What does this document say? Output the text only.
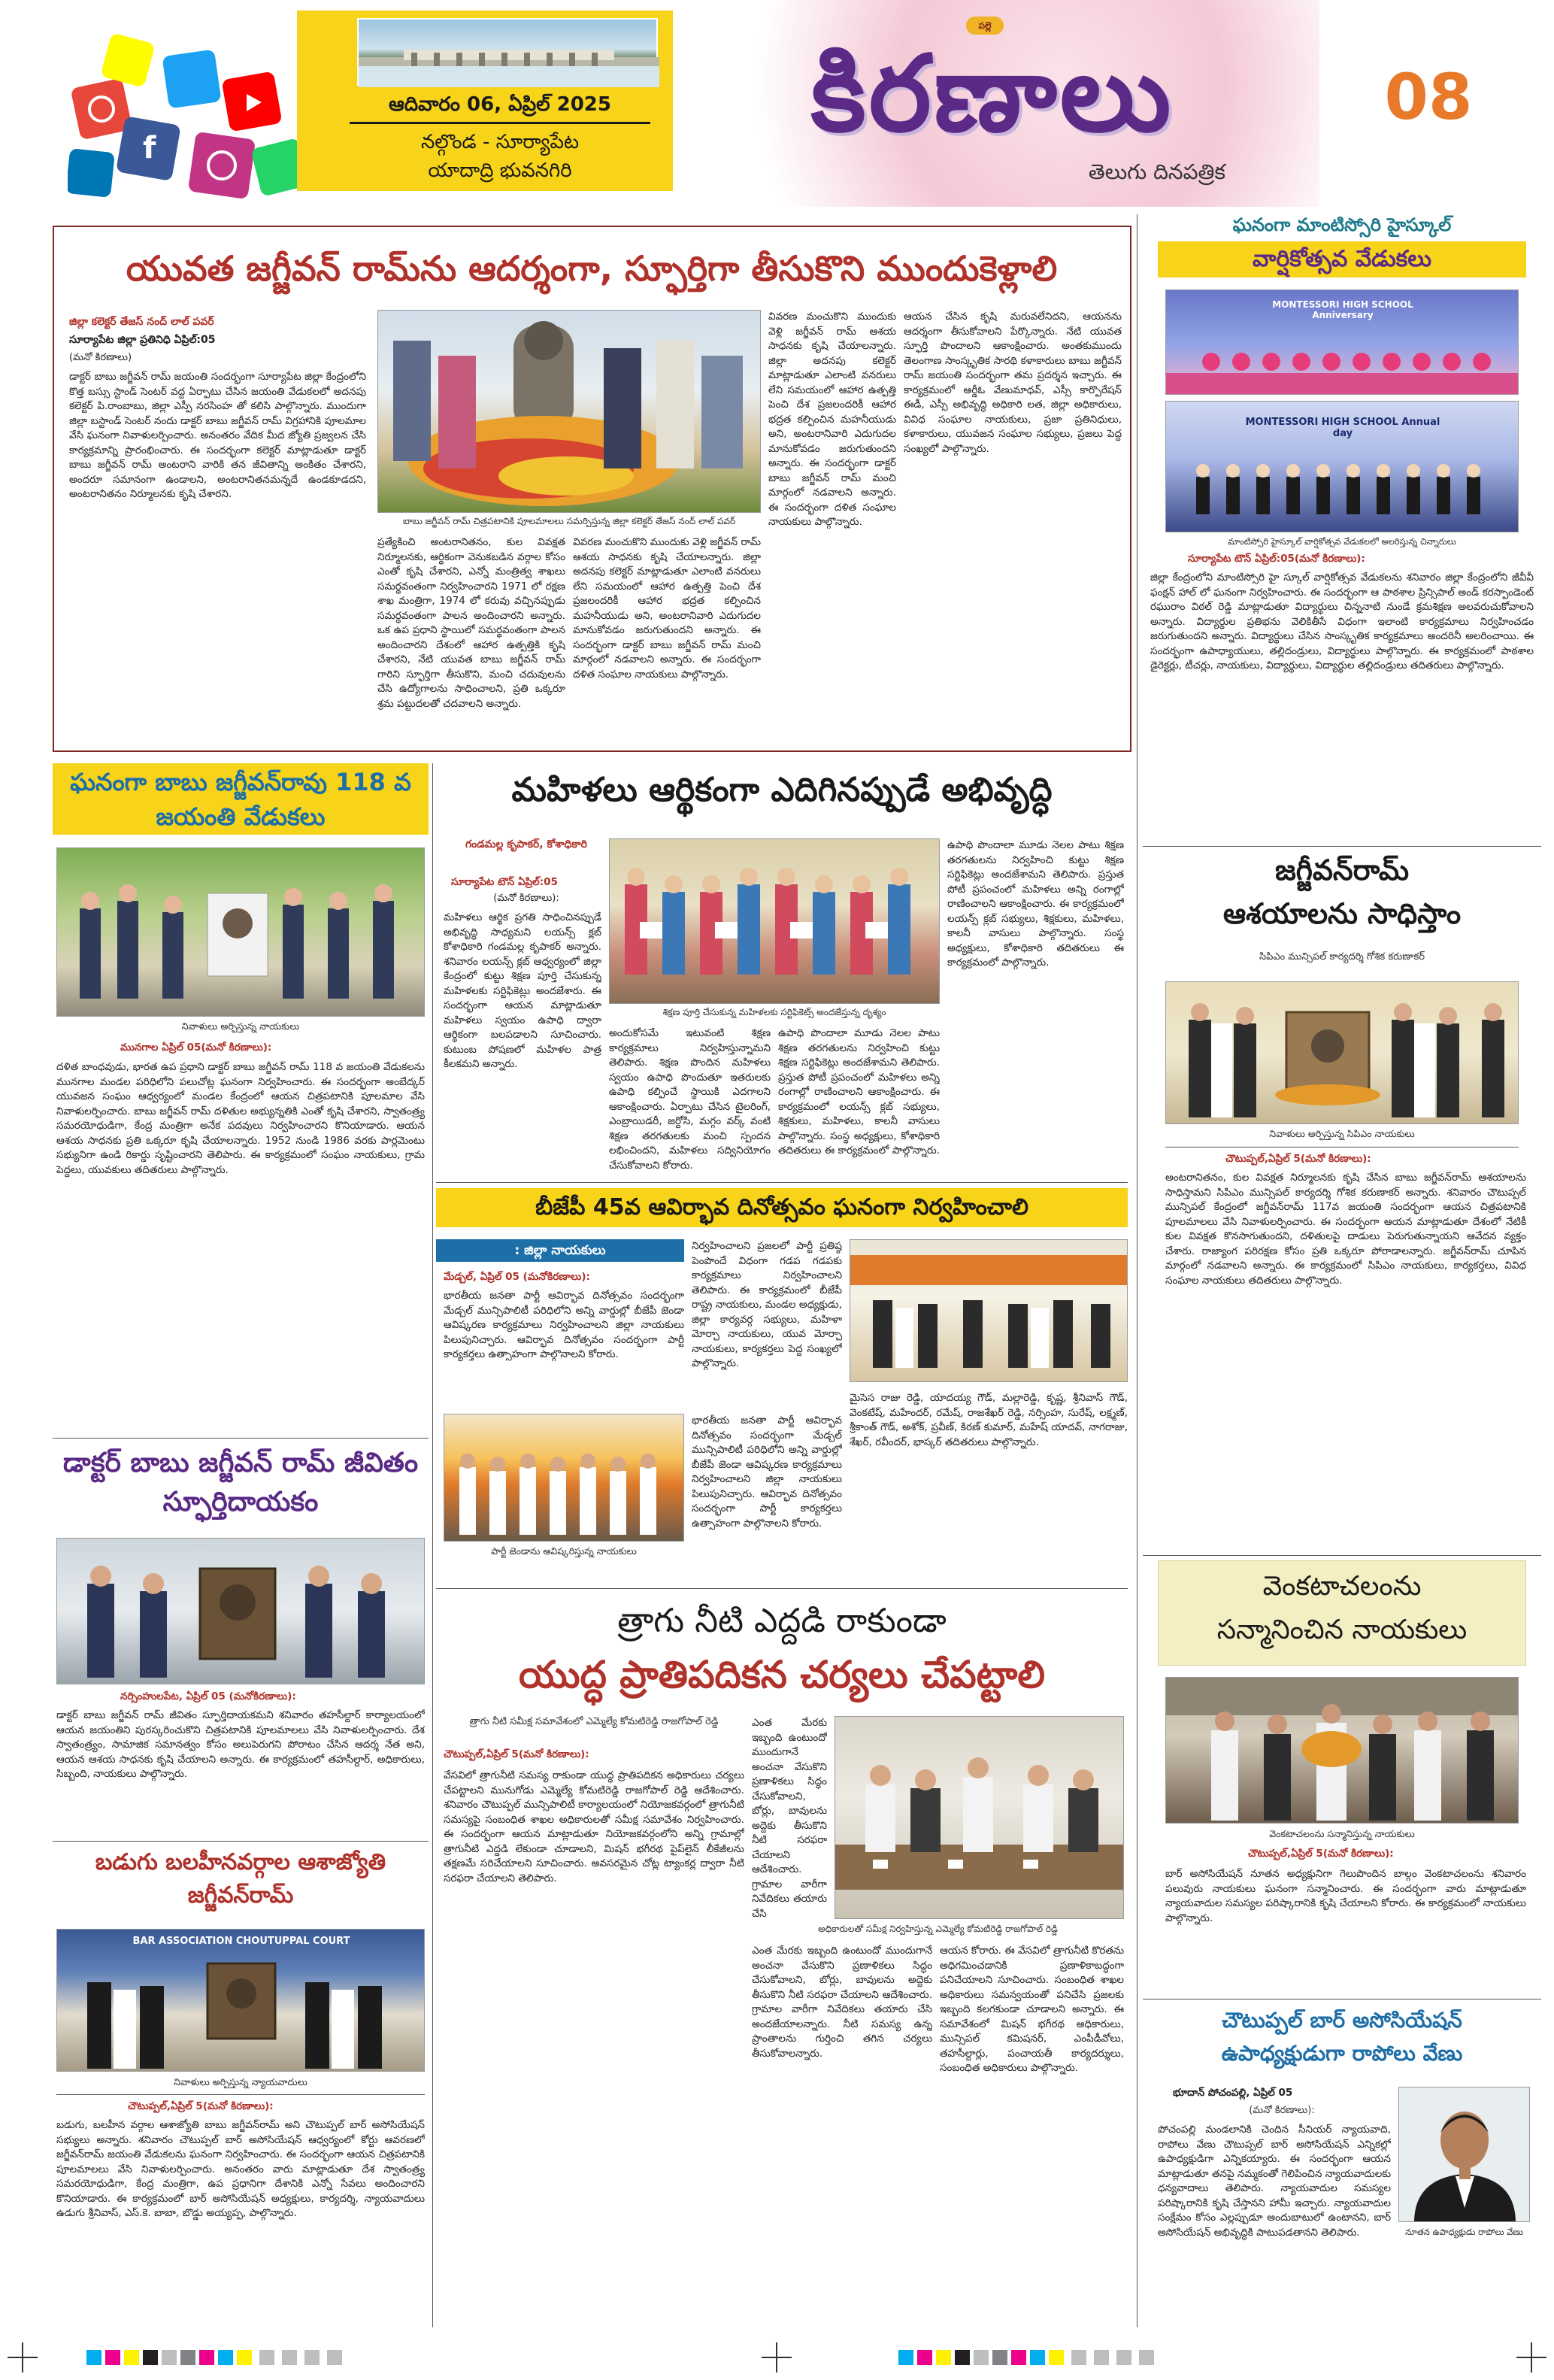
f
ఆదివారం 06, ఏప్రిల్ 2025
నల్గొండ - సూర్యాపేట
యాదాద్రి భువనగిరి
పల్లె
కిరణాలు
తెలుగు దినపత్రిక
08
యువత జగ్జీవన్ రామ్‌ను ఆదర్శంగా, స్ఫూర్తిగా తీసుకొని ముందుకెళ్లాలి
జిల్లా కలెక్టర్ తేజస్ నంద్ లాల్ పవర్
సూర్యాపేట జిల్లా ప్రతినిధి ఏప్రిల్:05
(మనో కిరణాలు)
డాక్టర్ బాబు జగ్జీవన్ రామ్ జయంతి సందర్భంగా సూర్యాపేట జిల్లా కేంద్రంలోని కొత్త బస్సు స్టాండ్ సెంటర్ వద్ద ఏర్పాటు చేసిన జయంతి వేడుకలలో అదనపు కలెక్టర్ పి.రాంబాబు, జిల్లా ఎస్పీ నరసింహ తో కలిసి పాల్గొన్నారు. ముందుగా జిల్లా బస్టాండ్ సెంటర్ నందు డాక్టర్ బాబు జగ్జీవన్ రామ్ విగ్రహానికి పూలమాల వేసి ఘనంగా నివాళులర్పించారు. అనంతరం వేదిక మీద జ్యోతి ప్రజ్వలన చేసి కార్యక్రమాన్ని ప్రారంభించారు. ఈ సందర్భంగా కలెక్టర్ మాట్లాడుతూ డాక్టర్ బాబు జగ్జీవన్ రామ్ అంటరాని వారికి తన జీవితాన్ని అంకితం చేశారని, అందరూ సమానంగా ఉండాలని, అంటరానితనమన్నదే ఉండకూడదని, అంటరానితనం నిర్మూలనకు కృషి చేశారని.
బాబు జగ్జీవన్ రామ్ చిత్రపటానికి పూలమాలలు సమర్పిస్తున్న జిల్లా కలెక్టర్ తేజస్ నంద్ లాల్ పవర్
ప్రత్యేకించి అంటరానితనం, కుల వివక్షత నిర్మూలనకు, ఆర్థికంగా వెనుకబడిన వర్గాల కోసం ఎంతో కృషి చేశారని, ఎన్నో మంత్రిత్వ శాఖలు సమర్థవంతంగా నిర్వహించారని 1971 లో రక్షణ శాఖ మంత్రిగా, 1974 లో కరువు వచ్చినప్పుడు సమర్థవంతంగా పాలన అందించారని అన్నారు. ఒక ఉప ప్రధాని స్థాయిలో సమర్థవంతంగా పాలన అందించారని దేశంలో ఆహార ఉత్పత్తికి కృషి చేశారని, నేటి యువత బాబు జగ్జీవన్ రామ్ గారిని స్ఫూర్తిగా తీసుకొని, మంచి చదువులను చేసి ఉద్యోగాలను సాధించాలని, ప్రతి ఒక్కరూ శ్రమ పట్టుదలతో చదవాలని అన్నారు.
వివరణ మంచుకొని ముందుకు వెళ్లి జగ్జీవన్ రామ్ ఆశయ సాధనకు కృషి చేయాలన్నారు. జిల్లా అదనపు కలెక్టర్ మాట్లాడుతూ ఎలాంటి వనరులు లేని సమయంలో ఆహార ఉత్పత్తి పెంచి దేశ ప్రజలందరికీ ఆహార భద్రత కల్పించిన మహనీయుడు అని, అంటరానివారి ఎదుగుదల మానుకోవడం జరుగుతుందని అన్నారు. ఈ సందర్భంగా డాక్టర్ బాబు జగ్జీవన్ రామ్ మంచి మార్గంలో నడవాలని అన్నారు. ఈ సందర్భంగా దళిత సంఘాల నాయకులు పాల్గొన్నారు.
వివరణ మంచుకొని ముందుకు వెళ్లి జగ్జీవన్ రామ్ ఆశయ సాధనకు కృషి చేయాలన్నారు. జిల్లా అదనపు కలెక్టర్ మాట్లాడుతూ ఎలాంటి వనరులు లేని సమయంలో ఆహార ఉత్పత్తి పెంచి దేశ ప్రజలందరికీ ఆహార భద్రత కల్పించిన మహనీయుడు అని, అంటరానివారి ఎదుగుదల మానుకోవడం జరుగుతుందని అన్నారు. ఈ సందర్భంగా డాక్టర్ బాబు జగ్జీవన్ రామ్ మంచి మార్గంలో నడవాలని అన్నారు. ఈ సందర్భంగా దళిత సంఘాల నాయకులు పాల్గొన్నారు.
ఆయన చేసిన కృషి మరువలేనిదని, ఆయనను ఆదర్శంగా తీసుకోవాలని పేర్కొన్నారు. నేటి యువత స్ఫూర్తి పొందాలని ఆకాంక్షించారు. అంతకుముందు తెలంగాణ సాంస్కృతిక సారథి కళాకారులు బాబు జగ్జీవన్ రామ్ జయంతి సందర్భంగా తమ ప్రదర్శన ఇచ్చారు. ఈ కార్యక్రమంలో ఆర్డీఓ వేణుమాధవ్, ఎస్సీ కార్పొరేషన్ ఈడీ, ఎస్సీ అభివృద్ధి అధికారి లత, జిల్లా అధికారులు, వివిధ సంఘాల నాయకులు, ప్రజా ప్రతినిధులు, కళాకారులు, యువజన సంఘాల సభ్యులు, ప్రజలు పెద్ద సంఖ్యలో పాల్గొన్నారు.
ఘనంగా మాంటిస్సోరి హైస్కూల్
వార్షికోత్సవ వేడుకలు
MONTESSORI HIGH SCHOOL Anniversary
MONTESSORI HIGH SCHOOL Annual day
మాంటిస్సోరి హైస్కూల్ వార్షికోత్సవ వేడుకలలో అలరిస్తున్న చిన్నారులు
సూర్యాపేట టౌన్ ఏప్రిల్:05(మనో కిరణాలు):
జిల్లా కేంద్రంలోని మాంటిస్సోరి హై స్కూల్ వార్షికోత్సవ వేడుకలను శనివారం జిల్లా కేంద్రంలోని జీవీవీ ఫంక్షన్ హాల్ లో ఘనంగా నిర్వహించారు. ఈ సందర్భంగా ఆ పాఠశాల ప్రిన్సిపాల్ అండ్ కరస్పాండెంట్ రఘురాం విఠల్ రెడ్డి మాట్లాడుతూ విద్యార్థులు చిన్ననాటి నుండే క్రమశిక్షణ అలవరుచుకోవాలని అన్నారు. విద్యార్థుల ప్రతిభను వెలికితీసే విధంగా ఇలాంటి కార్యక్రమాలు నిర్వహించడం జరుగుతుందని అన్నారు. విద్యార్థులు చేసిన సాంస్కృతిక కార్యక్రమాలు అందరినీ అలరించాయి. ఈ సందర్భంగా ఉపాధ్యాయులు, తల్లిదండ్రులు, విద్యార్థులు పాల్గొన్నారు. ఈ కార్యక్రమంలో పాఠశాల డైరెక్టర్లు, టీచర్లు, నాయకులు, విద్యార్థులు, విద్యార్థుల తల్లిదండ్రులు తదితరులు పాల్గొన్నారు.
ఘనంగా బాబు జగ్జీవన్‌రావు 118 వ జయంతి వేడుకలు
నివాళులు అర్పిస్తున్న నాయకులు
మునగాల ఏప్రిల్ 05(మనో కిరణాలు):
దళిత బాంధవుడు, భారత ఉప ప్రధాని డాక్టర్ బాబు జగ్జీవన్ రామ్ 118 వ జయంతి వేడుకలను మునగాల మండల పరిధిలోని పలుచోట్ల ఘనంగా నిర్వహించారు. ఈ సందర్భంగా అంబేద్కర్ యువజన సంఘం ఆధ్వర్యంలో మండల కేంద్రంలో ఆయన చిత్రపటానికి పూలమాల వేసి నివాళులర్పించారు. బాబు జగ్జీవన్ రామ్ దళితుల అభ్యున్నతికి ఎంతో కృషి చేశారని, స్వాతంత్ర్య సమరయోధుడిగా, కేంద్ర మంత్రిగా అనేక పదవులు నిర్వహించారని కొనియాడారు. ఆయన ఆశయ సాధనకు ప్రతి ఒక్కరూ కృషి చేయాలన్నారు. 1952 నుండి 1986 వరకు పార్లమెంటు సభ్యునిగా ఉండి రికార్డు సృష్టించారని తెలిపారు. ఈ కార్యక్రమంలో సంఘం నాయకులు, గ్రామ పెద్దలు, యువకులు తదితరులు పాల్గొన్నారు.
మహిళలు ఆర్థికంగా ఎదిగినప్పుడే అభివృద్ధి
గండమల్ల కృపాకర్, కోశాధికారి
సూర్యాపేట టౌన్ ఏప్రిల్:05
(మనో కిరణాలు):
మహిళలు ఆర్థిక ప్రగతి సాధించినప్పుడే అభివృద్ధి సాధ్యమని లయన్స్ క్లబ్ కోశాధికారి గండమల్ల కృపాకర్ అన్నారు. శనివారం లయన్స్ క్లబ్ ఆధ్వర్యంలో జిల్లా కేంద్రంలో కుట్టు శిక్షణ పూర్తి చేసుకున్న మహిళలకు సర్టిఫికెట్లు అందజేశారు. ఈ సందర్భంగా ఆయన మాట్లాడుతూ మహిళలు స్వయం ఉపాధి ద్వారా ఆర్థికంగా బలపడాలని సూచించారు. కుటుంబ పోషణలో మహిళల పాత్ర కీలకమని అన్నారు.
శిక్షణ పూర్తి చేసుకున్న మహిళలకు సర్టిఫికెట్స్ అందజేస్తున్న దృశ్యం
అందుకోసమే ఇటువంటి శిక్షణ కార్యక్రమాలు నిర్వహిస్తున్నామని తెలిపారు. శిక్షణ పొందిన మహిళలు స్వయం ఉపాధి పొందుతూ ఇతరులకు ఉపాధి కల్పించే స్థాయికి ఎదగాలని ఆకాంక్షించారు. ఏర్పాటు చేసిన టైలరింగ్, ఎంబ్రాయిడరీ, జర్దోసి, మగ్గం వర్క్ వంటి శిక్షణ తరగతులకు మంచి స్పందన లభించిందని, మహిళలు సద్వినియోగం చేసుకోవాలని కోరారు.
ఉపాధి పొందాలా మూడు నెలల పాటు శిక్షణ తరగతులను నిర్వహించి కుట్టు శిక్షణ సర్టిఫికెట్లు అందజేశామని తెలిపారు. ప్రస్తుత పోటీ ప్రపంచంలో మహిళలు అన్ని రంగాల్లో రాణించాలని ఆకాంక్షించారు. ఈ కార్యక్రమంలో లయన్స్ క్లబ్ సభ్యులు, శిక్షకులు, మహిళలు, కాలనీ వాసులు పాల్గొన్నారు. సంస్థ అధ్యక్షులు, కోశాధికారి తదితరులు ఈ కార్యక్రమంలో పాల్గొన్నారు.
ఉపాధి పొందాలా మూడు నెలల పాటు శిక్షణ తరగతులను నిర్వహించి కుట్టు శిక్షణ సర్టిఫికెట్లు అందజేశామని తెలిపారు. ప్రస్తుత పోటీ ప్రపంచంలో మహిళలు అన్ని రంగాల్లో రాణించాలని ఆకాంక్షించారు. ఈ కార్యక్రమంలో లయన్స్ క్లబ్ సభ్యులు, శిక్షకులు, మహిళలు, కాలనీ వాసులు పాల్గొన్నారు. సంస్థ అధ్యక్షులు, కోశాధికారి తదితరులు ఈ కార్యక్రమంలో పాల్గొన్నారు.
జగ్జీవన్‌రామ్
ఆశయాలను సాధిస్తాం
సిపిఎం మున్సిపల్ కార్యదర్శి గోశిక కరుణాకర్
నివాళులు అర్పిస్తున్న సిపిఎం నాయకులు
చౌటుప్పల్,ఏప్రిల్ 5(మనో కిరణాలు):
అంటరానితనం, కుల వివక్షత నిర్మూలనకు కృషి చేసిన బాబు జగ్జీవన్‌రామ్ ఆశయాలను సాధిస్తామని సిపిఎం మున్సిపల్ కార్యదర్శి గోశిక కరుణాకర్ అన్నారు. శనివారం చౌటుప్పల్ మున్సిపల్ కేంద్రంలో జగ్జీవన్‌రామ్ 117వ జయంతి సందర్భంగా ఆయన చిత్రపటానికి పూలమాలలు వేసి నివాళులర్పించారు. ఈ సందర్భంగా ఆయన మాట్లాడుతూ దేశంలో నేటికీ కుల వివక్షత కొనసాగుతుందని, దళితులపై దాడులు పెరుగుతున్నాయని ఆవేదన వ్యక్తం చేశారు. రాజ్యాంగ పరిరక్షణ కోసం ప్రతి ఒక్కరూ పోరాడాలన్నారు. జగ్జీవన్‌రామ్ చూపిన మార్గంలో నడవాలని అన్నారు. ఈ కార్యక్రమంలో సిపిఎం నాయకులు, కార్యకర్తలు, వివిధ సంఘాల నాయకులు తదితరులు పాల్గొన్నారు.
బీజేపీ 45వ ఆవిర్భావ దినోత్సవం ఘనంగా నిర్వహించాలి
: జిల్లా నాయకులు
మేడ్చల్, ఏప్రిల్ 05 (మనోకిరణాలు):
భారతీయ జనతా పార్టీ ఆవిర్భావ దినోత్సవం సందర్భంగా మేడ్చల్ మున్సిపాలిటీ పరిధిలోని అన్ని వార్డుల్లో బీజేపీ జెండా ఆవిష్కరణ కార్యక్రమాలు నిర్వహించాలని జిల్లా నాయకులు పిలుపునిచ్చారు. ఆవిర్భావ దినోత్సవం సందర్భంగా పార్టీ కార్యకర్తలు ఉత్సాహంగా పాల్గొనాలని కోరారు.
నిర్వహించాలని ప్రజలలో పార్టీ ప్రతిష్ఠ పెంపొందే విధంగా గడప గడపకు కార్యక్రమాలు నిర్వహించాలని తెలిపారు. ఈ కార్యక్రమంలో బీజేపీ రాష్ట్ర నాయకులు, మండల అధ్యక్షుడు, జిల్లా కార్యవర్గ సభ్యులు, మహిళా మోర్చా నాయకులు, యువ మోర్చా నాయకులు, కార్యకర్తలు పెద్ద సంఖ్యలో పాల్గొన్నారు.
పార్టీ జెండాను ఆవిష్కరిస్తున్న నాయకులు
భారతీయ జనతా పార్టీ ఆవిర్భావ దినోత్సవం సందర్భంగా మేడ్చల్ మున్సిపాలిటీ పరిధిలోని అన్ని వార్డుల్లో బీజేపీ జెండా ఆవిష్కరణ కార్యక్రమాలు నిర్వహించాలని జిల్లా నాయకులు పిలుపునిచ్చారు. ఆవిర్భావ దినోత్సవం సందర్భంగా పార్టీ కార్యకర్తలు ఉత్సాహంగా పాల్గొనాలని కోరారు.
మైసెస రాజు రెడ్డి, యాదయ్య గౌడ్, మల్లారెడ్డి, కృష్ణ, శ్రీనివాస్ గౌడ్, వెంకటేష్, మహేందర్, రమేష్, రాజశేఖర్ రెడ్డి, నర్సింహ, సురేష్, లక్ష్మణ్, శ్రీకాంత్ గౌడ్, అశోక్, ప్రవీణ్, కిరణ్ కుమార్, మహేష్ యాదవ్, నాగరాజు, శేఖర్, రవీందర్, భాస్కర్ తదితరులు పాల్గొన్నారు.
డాక్టర్ బాబు జగ్జీవన్ రామ్ జీవితం స్ఫూర్తిదాయకం
నర్సింహులపేట, ఏప్రిల్ 05 (మనోకిరణాలు):
డాక్టర్ బాబు జగ్జీవన్ రామ్ జీవితం స్ఫూర్తిదాయకమని శనివారం తహసీల్దార్ కార్యాలయంలో ఆయన జయంతిని పురస్కరించుకొని చిత్రపటానికి పూలమాలలు వేసి నివాళులర్పించారు. దేశ స్వాతంత్ర్యం, సామాజిక సమానత్వం కోసం అలుపెరుగని పోరాటం చేసిన ఆదర్శ నేత అని, ఆయన ఆశయ సాధనకు కృషి చేయాలని అన్నారు. ఈ కార్యక్రమంలో తహసీల్దార్, అధికారులు, సిబ్బంది, నాయకులు పాల్గొన్నారు.
త్రాగు నీటి ఎద్దడి రాకుండా
యుద్ధ ప్రాతిపదికన చర్యలు చేపట్టాలి
త్రాగు నీటి సమీక్ష సమావేశంలో ఎమ్మెల్యే కోమటిరెడ్డి రాజగోపాల్ రెడ్డి
చౌటుప్పల్,ఏప్రిల్ 5(మనో కిరణాలు):
వేసవిలో త్రాగునీటి సమస్య రాకుండా యుద్ధ ప్రాతిపదికన అధికారులు చర్యలు చేపట్టాలని మునుగోడు ఎమ్మెల్యే కోమటిరెడ్డి రాజగోపాల్ రెడ్డి ఆదేశించారు. శనివారం చౌటుప్పల్ మున్సిపాలిటీ కార్యాలయంలో నియోజకవర్గంలో త్రాగునీటి సమస్యపై సంబంధిత శాఖల అధికారులతో సమీక్ష సమావేశం నిర్వహించారు. ఈ సందర్భంగా ఆయన మాట్లాడుతూ నియోజకవర్గంలోని అన్ని గ్రామాల్లో త్రాగునీటి ఎద్దడి లేకుండా చూడాలని, మిషన్ భగీరథ పైప్‌లైన్ లీకేజీలను తక్షణమే సరిచేయాలని సూచించారు. అవసరమైన చోట్ల ట్యాంకర్ల ద్వారా నీటి సరఫరా చేయాలని తెలిపారు.
ఎంత మేరకు ఇబ్బంది ఉంటుందో ముందుగానే అంచనా వేసుకొని ప్రణాళికలు సిద్ధం చేసుకోవాలని, బోర్లు, బావులను అద్దెకు తీసుకొని నీటి సరఫరా చేయాలని ఆదేశించారు. గ్రామాల వారీగా నివేదికలు తయారు చేసి
అధికారులతో సమీక్ష నిర్వహిస్తున్న ఎమ్మెల్యే కోమటిరెడ్డి రాజగోపాల్ రెడ్డి
ఎంత మేరకు ఇబ్బంది ఉంటుందో ముందుగానే అంచనా వేసుకొని ప్రణాళికలు సిద్ధం చేసుకోవాలని, బోర్లు, బావులను అద్దెకు తీసుకొని నీటి సరఫరా చేయాలని ఆదేశించారు. గ్రామాల వారీగా నివేదికలు తయారు చేసి అందజేయాలన్నారు. నీటి సమస్య ఉన్న ప్రాంతాలను గుర్తించి తగిన చర్యలు తీసుకోవాలన్నారు.
ఆయన కోరారు. ఈ వేసవిలో త్రాగునీటి కొరతను అధిగమించడానికి ప్రణాళికాబద్ధంగా పనిచేయాలని సూచించారు. సంబంధిత శాఖల అధికారులు సమన్వయంతో పనిచేసి ప్రజలకు ఇబ్బంది కలగకుండా చూడాలని అన్నారు. ఈ సమావేశంలో మిషన్ భగీరథ అధికారులు, మున్సిపల్ కమిషనర్, ఎంపీడీవోలు, తహసీల్దార్లు, పంచాయతీ కార్యదర్శులు, సంబంధిత అధికారులు పాల్గొన్నారు.
బడుగు బలహీనవర్గాల ఆశాజ్యోతి జగ్జీవన్‌రామ్
BAR ASSOCIATION CHOUTUPPAL COURT
నివాళులు అర్పిస్తున్న న్యాయవాదులు
చౌటుప్పల్,ఏప్రిల్ 5(మనో కిరణాలు):
బడుగు, బలహీన వర్గాల ఆశాజ్యోతి బాబు జగ్జీవన్‌రామ్ అని చౌటుప్పల్ బార్ అసోసియేషన్ సభ్యులు అన్నారు. శనివారం చౌటుప్పల్ బార్ అసోసియేషన్ ఆధ్వర్యంలో కోర్టు ఆవరణలో జగ్జీవన్‌రామ్ జయంతి వేడుకలను ఘనంగా నిర్వహించారు. ఈ సందర్భంగా ఆయన చిత్రపటానికి పూలమాలలు వేసి నివాళులర్పించారు. అనంతరం వారు మాట్లాడుతూ దేశ స్వాతంత్ర్య సమరయోధుడిగా, కేంద్ర మంత్రిగా, ఉప ప్రధానిగా దేశానికి ఎన్నో సేవలు అందించారని కొనియాడారు. ఈ కార్యక్రమంలో బార్ అసోసియేషన్ అధ్యక్షులు, కార్యదర్శి, న్యాయవాదులు ఉడుగు శ్రీనివాస్, ఎస్.కె. బాబా, బొడ్డు అయ్యప్ప, పాల్గొన్నారు.
వెంకటాచలంను
సన్మానించిన నాయకులు
వెంకటాచలంను సన్మానిస్తున్న నాయకులు
చౌటుప్పల్,ఏప్రిల్ 5(మనో కిరణాలు):
బార్ అసోసియేషన్ నూతన అధ్యక్షునిగా గెలుపొందిన బాల్గం వెంకటాచలంను శనివారం పలువురు నాయకులు ఘనంగా సన్మానించారు. ఈ సందర్భంగా వారు మాట్లాడుతూ న్యాయవాదుల సమస్యల పరిష్కారానికి కృషి చేయాలని కోరారు. ఈ కార్యక్రమంలో నాయకులు పాల్గొన్నారు.
చౌటుప్పల్ బార్ అసోసియేషన్ ఉపాధ్యక్షుడుగా రాపోలు వేణు
భూదాన్ పోచంపల్లి, ఏప్రిల్ 05
(మనో కిరణాలు):
పోచంపల్లి మండలానికి చెందిన సీనియర్ న్యాయవాది, రాపోలు వేణు చౌటుప్పల్ బార్ అసోసియేషన్ ఎన్నికల్లో ఉపాధ్యక్షుడిగా ఎన్నికయ్యారు. ఈ సందర్భంగా ఆయన మాట్లాడుతూ తనపై నమ్మకంతో గెలిపించిన న్యాయవాదులకు ధన్యవాదాలు తెలిపారు. న్యాయవాదుల సమస్యల పరిష్కారానికి కృషి చేస్తానని హామీ ఇచ్చారు. న్యాయవాదుల సంక్షేమం కోసం ఎల్లప్పుడూ అందుబాటులో ఉంటానని, బార్ అసోసియేషన్ అభివృద్ధికి పాటుపడతానని తెలిపారు.	నూతన ఉపాధ్యక్షుడు రాపోలు వేణు
